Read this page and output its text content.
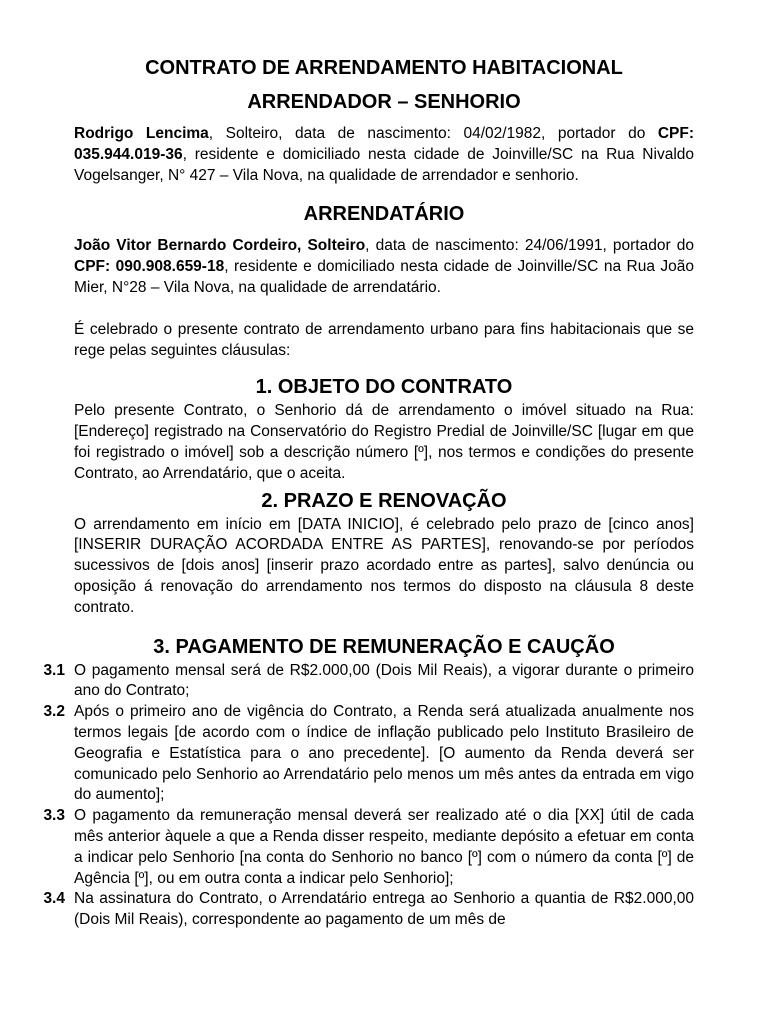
CONTRATO DE ARRENDAMENTO HABITACIONAL
ARRENDADOR – SENHORIO

Rodrigo Lencima, Solteiro, data de nascimento: 04/02/1982, portador do CPF: 035.944.019-36, residente e domiciliado nesta cidade de Joinville/SC na Rua Nivaldo Vogelsanger, N° 427 – Vila Nova, na qualidade de arrendador e senhorio.

ARRENDATÁRIO

João Vitor Bernardo Cordeiro, Solteiro, data de nascimento: 24/06/1991, portador do CPF: 090.908.659-18, residente e domiciliado nesta cidade de Joinville/SC na Rua João Mier, N°28 – Vila Nova, na qualidade de arrendatário.

É celebrado o presente contrato de arrendamento urbano para fins habitacionais que se rege pelas seguintes cláusulas:

1. OBJETO DO CONTRATO

Pelo presente Contrato, o Senhorio dá de arrendamento o imóvel situado na Rua: [Endereço] registrado na Conservatório do Registro Predial de Joinville/SC [lugar em que foi registrado o imóvel] sob a descrição número [º], nos termos e condições do presente Contrato, ao Arrendatário, que o aceita.

2. PRAZO E RENOVAÇÃO

O arrendamento em início em [DATA INICIO], é celebrado pelo prazo de [cinco anos] [INSERIR DURAÇÃO ACORDADA ENTRE AS PARTES], renovando-se por períodos sucessivos de [dois anos] [inserir prazo acordado entre as partes], salvo denúncia ou oposição á renovação do arrendamento nos termos do disposto na cláusula 8 deste contrato.

3. PAGAMENTO DE REMUNERAÇÃO E CAUÇÃO
3.1 O pagamento mensal será de R$2.000,00 (Dois Mil Reais), a vigorar durante o primeiro ano do Contrato;
3.2 Após o primeiro ano de vigência do Contrato, a Renda será atualizada anualmente nos termos legais [de acordo com o índice de inflação publicado pelo Instituto Brasileiro de Geografia e Estatística para o ano precedente]. [O aumento da Renda deverá ser comunicado pelo Senhorio ao Arrendatário pelo menos um mês antes da entrada em vigo do aumento];
3.3 O pagamento da remuneração mensal deverá ser realizado até o dia [XX] útil de cada mês anterior àquele a que a Renda disser respeito, mediante depósito a efetuar em conta a indicar pelo Senhorio [na conta do Senhorio no banco [º] com o número da conta [º] de Agência [º], ou em outra conta a indicar pelo Senhorio];
3.4 Na assinatura do Contrato, o Arrendatário entrega ao Senhorio a quantia de R$2.000,00 (Dois Mil Reais), correspondente ao pagamento de um mês de
